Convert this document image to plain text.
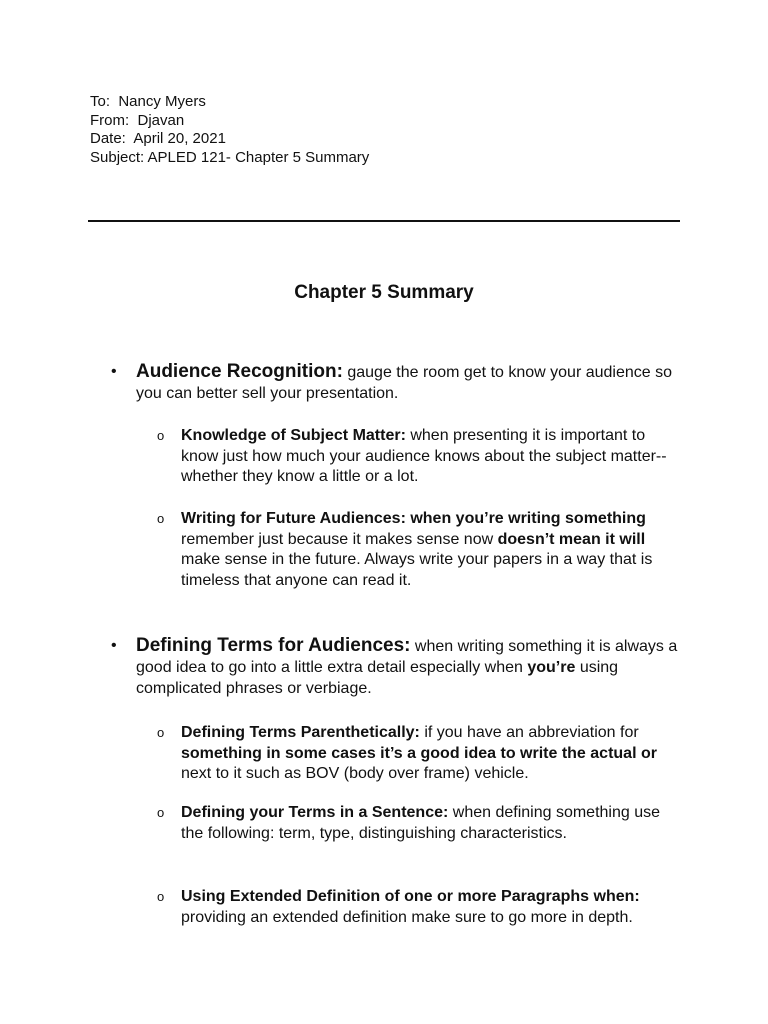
To:  Nancy Myers
From:  Djavan
Date:  April 20, 2021
Subject: APLED 121- Chapter 5 Summary
Chapter 5 Summary
• Audience Recognition: gauge the room get to know your audience so you can better sell your presentation.
o Knowledge of Subject Matter: when presenting it is important to know just how much your audience knows about the subject matter-- whether they know a little or a lot.
o Writing for Future Audiences: when you’re writing something remember just because it makes sense now doesn’t mean it will make sense in the future. Always write your papers in a way that is timeless that anyone can read it.
• Defining Terms for Audiences: when writing something it is always a good idea to go into a little extra detail especially when you’re using complicated phrases or verbiage.
o Defining Terms Parenthetically: if you have an abbreviation for something in some cases it’s a good idea to write the actual or next to it such as BOV (body over frame) vehicle.
o Defining your Terms in a Sentence: when defining something use the following: term, type, distinguishing characteristics.
o Using Extended Definition of one or more Paragraphs when: providing an extended definition make sure to go more in depth.
